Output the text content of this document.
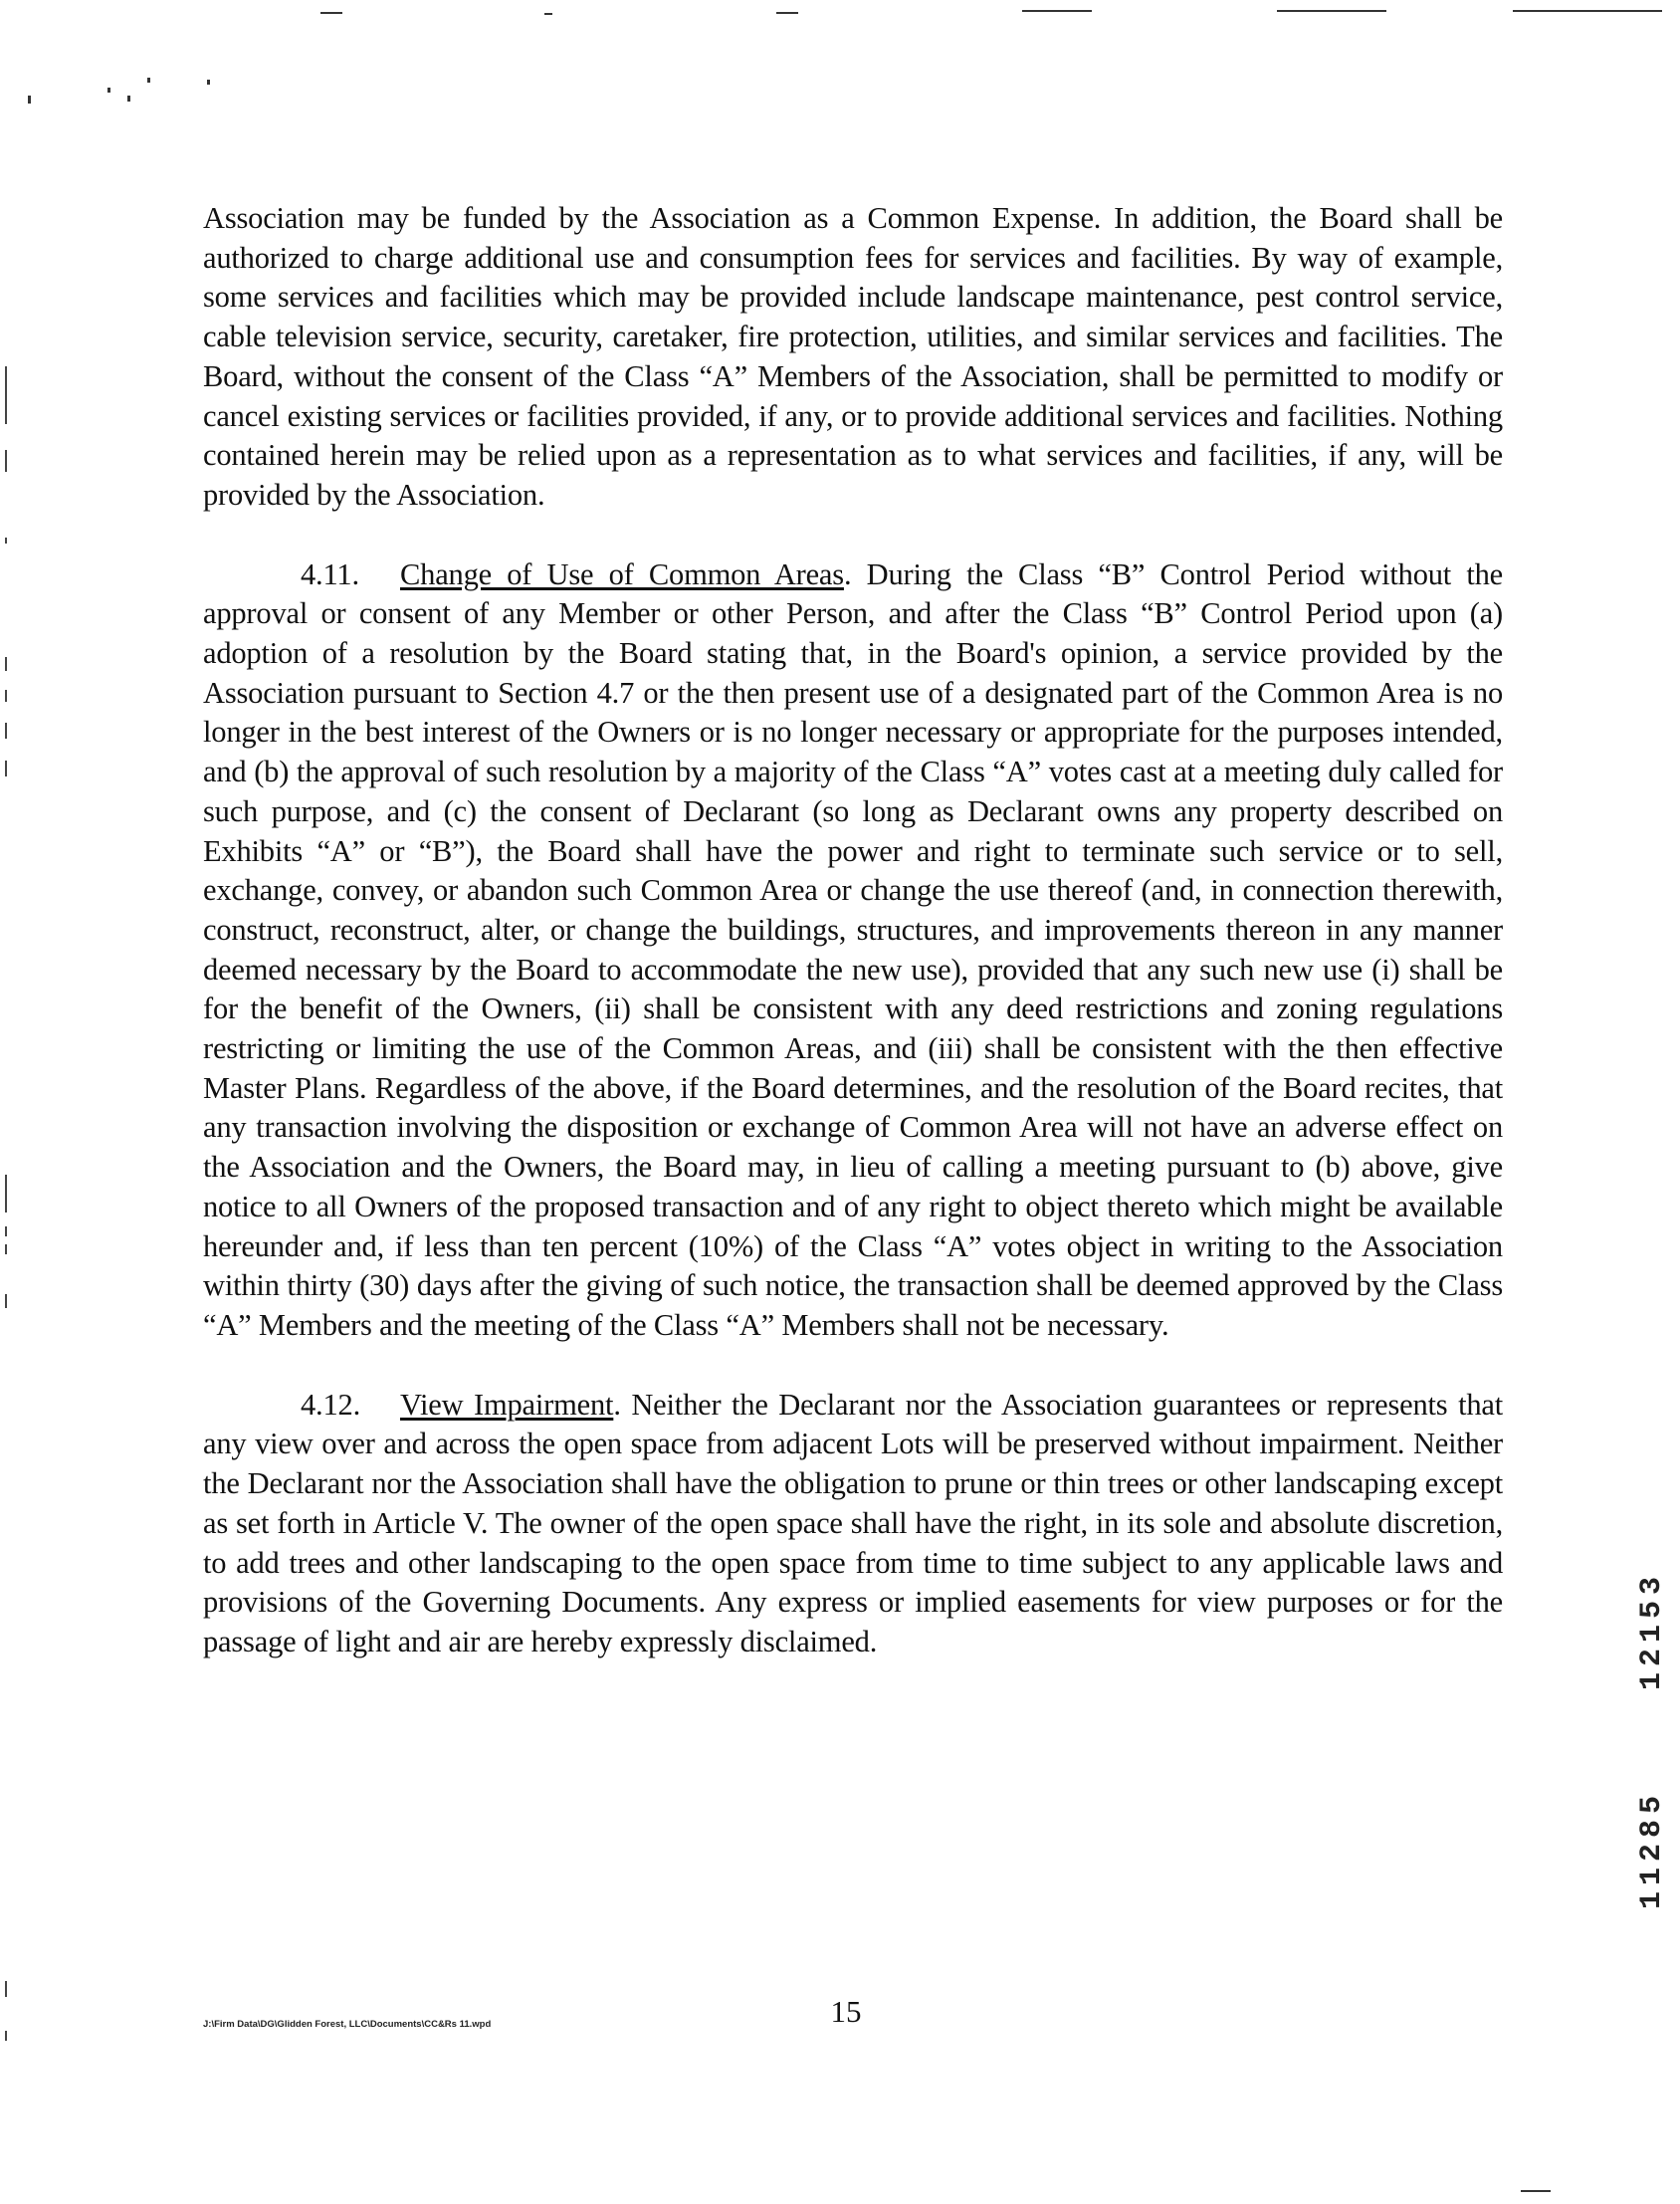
Association may be funded by the Association as a Common Expense. In addition, the Board shall be authorized to charge additional use and consumption fees for services and facilities. By way of example, some services and facilities which may be provided include landscape maintenance, pest control service, cable television service, security, caretaker, fire protection, utilities, and similar services and facilities. The Board, without the consent of the Class “A” Members of the Association, shall be permitted to modify or cancel existing services or facilities provided, if any, or to provide additional services and facilities. Nothing contained herein may be relied upon as a representation as to what services and facilities, if any, will be provided by the Association.

4.11. Change of Use of Common Areas. During the Class “B” Control Period without the approval or consent of any Member or other Person, and after the Class “B” Control Period upon (a) adoption of a resolution by the Board stating that, in the Board's opinion, a service provided by the Association pursuant to Section 4.7 or the then present use of a designated part of the Common Area is no longer in the best interest of the Owners or is no longer necessary or appropriate for the purposes intended, and (b) the approval of such resolution by a majority of the Class “A” votes cast at a meeting duly called for such purpose, and (c) the consent of Declarant (so long as Declarant owns any property described on Exhibits “A” or “B”), the Board shall have the power and right to terminate such service or to sell, exchange, convey, or abandon such Common Area or change the use thereof (and, in connection therewith, construct, reconstruct, alter, or change the buildings, structures, and improvements thereon in any manner deemed necessary by the Board to accommodate the new use), provided that any such new use (i) shall be for the benefit of the Owners, (ii) shall be consistent with any deed restrictions and zoning regulations restricting or limiting the use of the Common Areas, and (iii) shall be consistent with the then effective Master Plans. Regardless of the above, if the Board determines, and the resolution of the Board recites, that any transaction involving the disposition or exchange of Common Area will not have an adverse effect on the Association and the Owners, the Board may, in lieu of calling a meeting pursuant to (b) above, give notice to all Owners of the proposed transaction and of any right to object thereto which might be available hereunder and, if less than ten percent (10%) of the Class “A” votes object in writing to the Association within thirty (30) days after the giving of such notice, the transaction shall be deemed approved by the Class “A” Members and the meeting of the Class “A” Members shall not be necessary.

4.12. View Impairment. Neither the Declarant nor the Association guarantees or represents that any view over and across the open space from adjacent Lots will be preserved without impairment. Neither the Declarant nor the Association shall have the obligation to prune or thin trees or other landscaping except as set forth in Article V. The owner of the open space shall have the right, in its sole and absolute discretion, to add trees and other landscaping to the open space from time to time subject to any applicable laws and provisions of the Governing Documents. Any express or implied easements for view purposes or for the passage of light and air are hereby expressly disclaimed.	12153
11285
J:\Firm Data\DG\Glidden Forest, LLC\Documents\CC&Rs 11.wpd	15
